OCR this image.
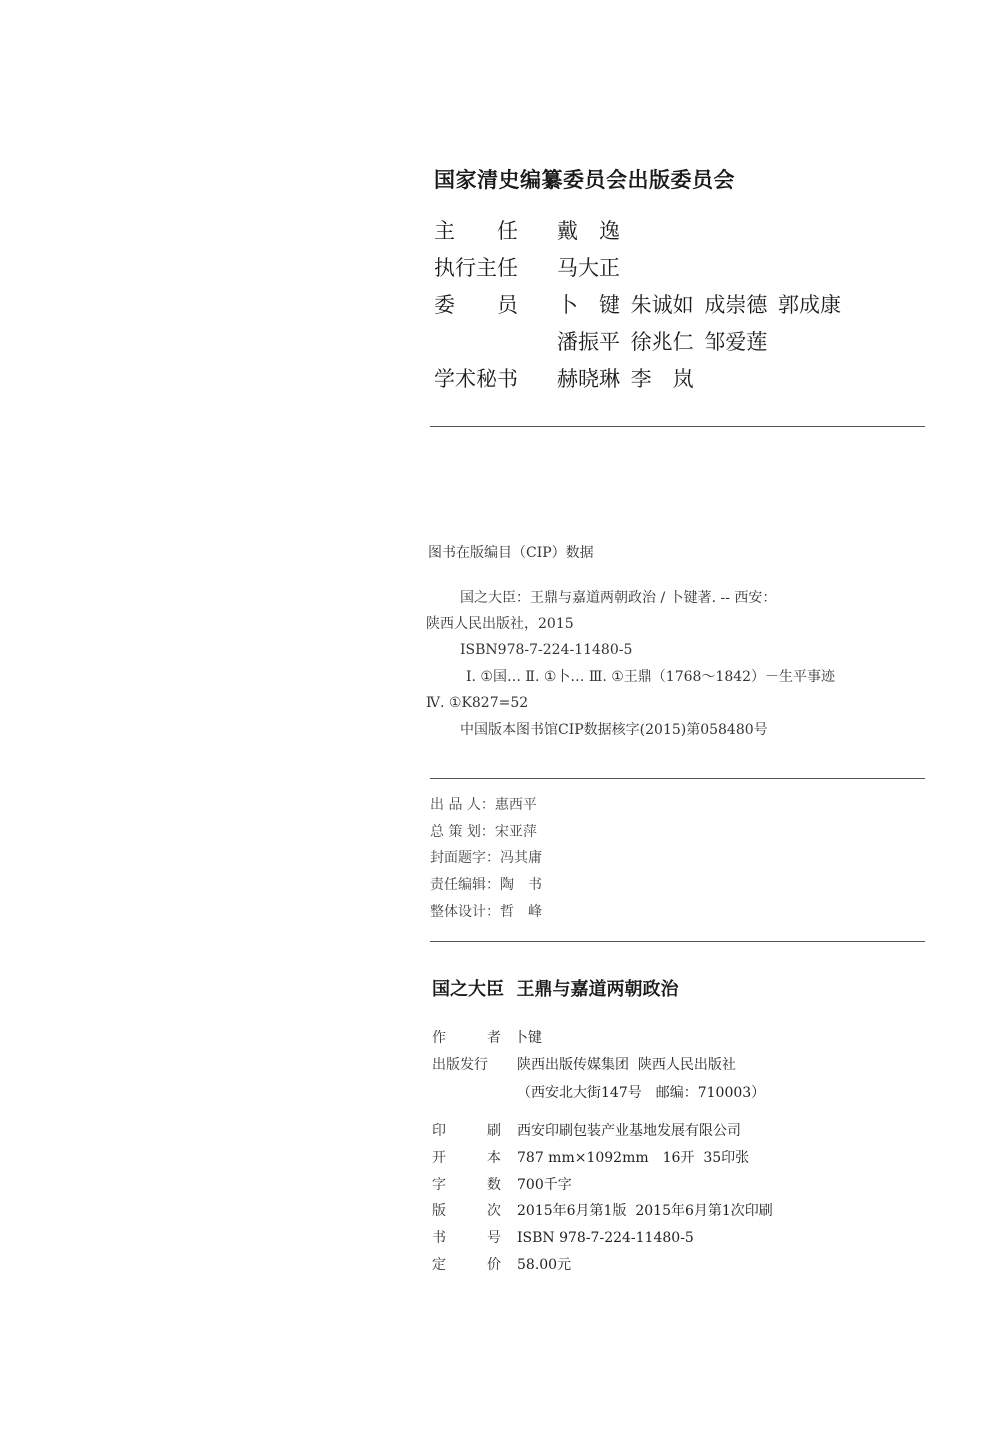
国家清史编纂委员会出版委员会
主　　任 戴　逸
执行主任 马大正
委　　员 卜　键 朱诚如 成崇德 郭成康
潘振平 徐兆仁 邹爱莲
学术秘书 赫晓琳 李　岚
图书在版编目（CIP）数据
国之大臣：王鼎与嘉道两朝政治 / 卜键著. -- 西安：
陕西人民出版社，2015
ISBN978-7-224-11480-5
Ⅰ. ①国… Ⅱ. ①卜… Ⅲ. ①王鼎（1768～1842）－生平事迹
Ⅳ. ①K827=52
中国版本图书馆CIP数据核字(2015)第058480号
出 品 人：惠西平
总 策 划：宋亚萍
封面题字：冯其庸
责任编辑：陶　书
整体设计：哲　峰
国之大臣  王鼎与嘉道两朝政治
作	者 卜键
出版发行	陕西出版传媒集团  陕西人民出版社
（西安北大街147号　邮编：710003）
印	刷 西安印刷包装产业基地发展有限公司
开	本 787 mm×1092mm　16开  35印张
字	数 700千字
版	次 2015年6月第1版  2015年6月第1次印刷
书	号 ISBN 978-7-224-11480-5
定	价 58.00元
